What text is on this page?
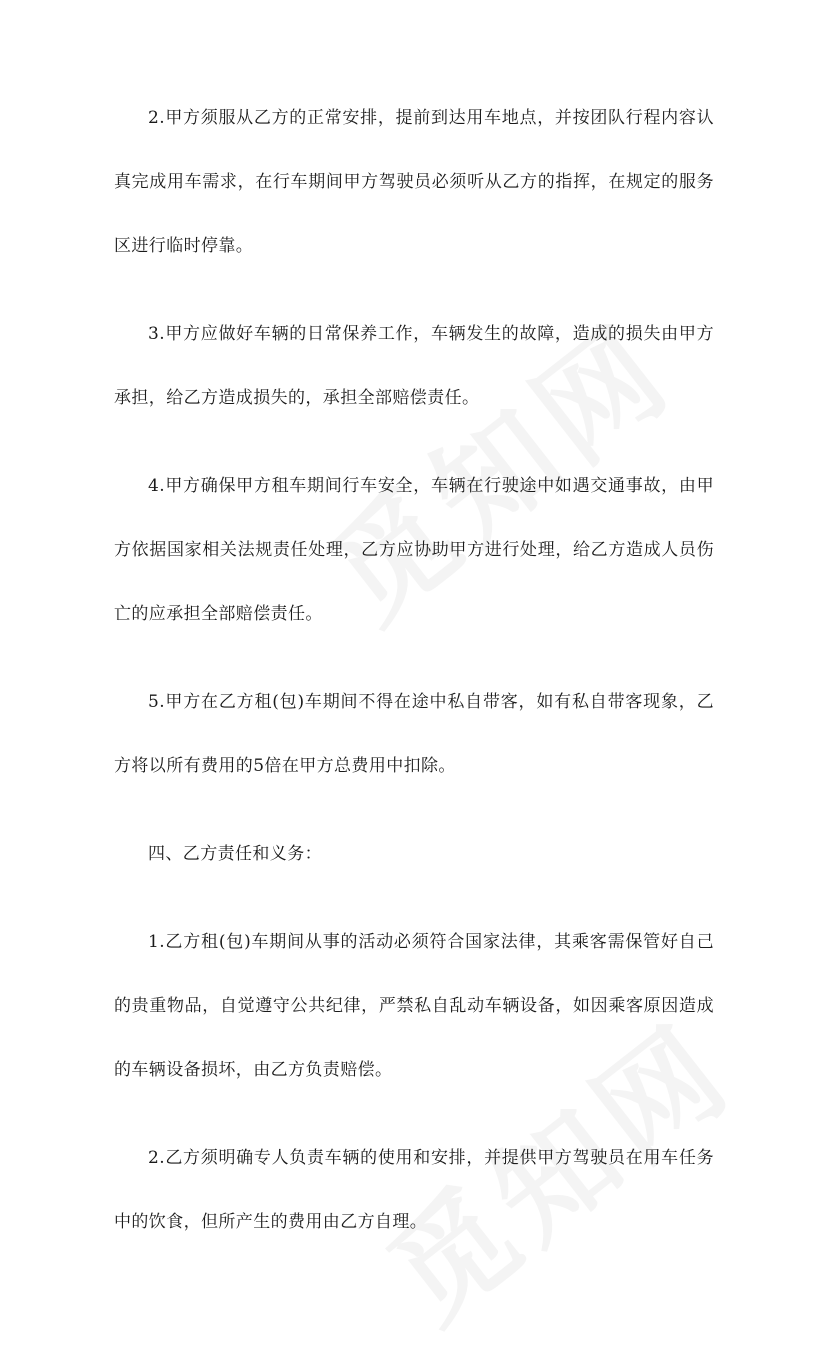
2.甲方须服从乙方的正常安排，提前到达用车地点，并按团队行程内容认真完成用车需求，在行车期间甲方驾驶员必须听从乙方的指挥，在规定的服务区进行临时停靠。

3.甲方应做好车辆的日常保养工作，车辆发生的故障，造成的损失由甲方承担，给乙方造成损失的，承担全部赔偿责任。

4.甲方确保甲方租车期间行车安全，车辆在行驶途中如遇交通事故，由甲方依据国家相关法规责任处理，乙方应协助甲方进行处理，给乙方造成人员伤亡的应承担全部赔偿责任。

5.甲方在乙方租(包)车期间不得在途中私自带客，如有私自带客现象，乙方将以所有费用的5倍在甲方总费用中扣除。

四、乙方责任和义务：

1.乙方租(包)车期间从事的活动必须符合国家法律，其乘客需保管好自己的贵重物品，自觉遵守公共纪律，严禁私自乱动车辆设备，如因乘客原因造成的车辆设备损坏，由乙方负责赔偿。

2.乙方须明确专人负责车辆的使用和安排，并提供甲方驾驶员在用车任务中的饮食，但所产生的费用由乙方自理。
